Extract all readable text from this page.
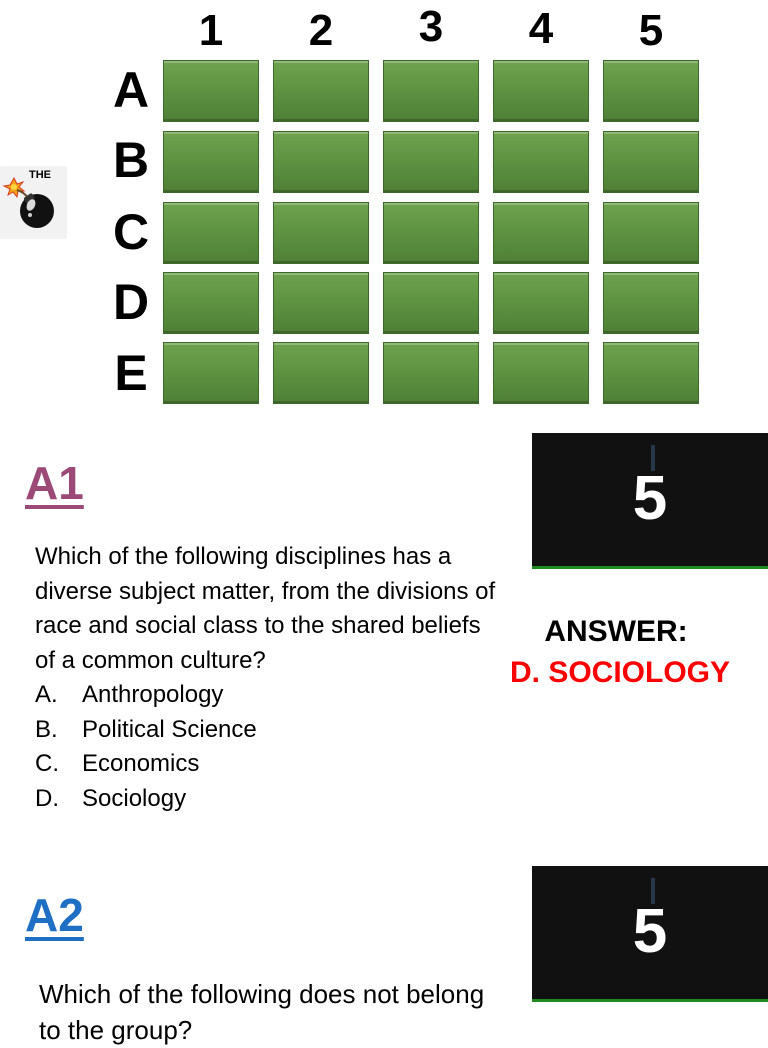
1	2	3	4	5
A
B
C
D
E
THE
A1
Which of the following disciplines has a diverse subject matter, from the divisions of race and social class to the shared beliefs of a common culture?
A.	Anthropology
B.	Political Science
C. Economics
D. Sociology
5
ANSWER:
D. SOCIOLOGY
A2
Which of the following does not belong to the group?
5
